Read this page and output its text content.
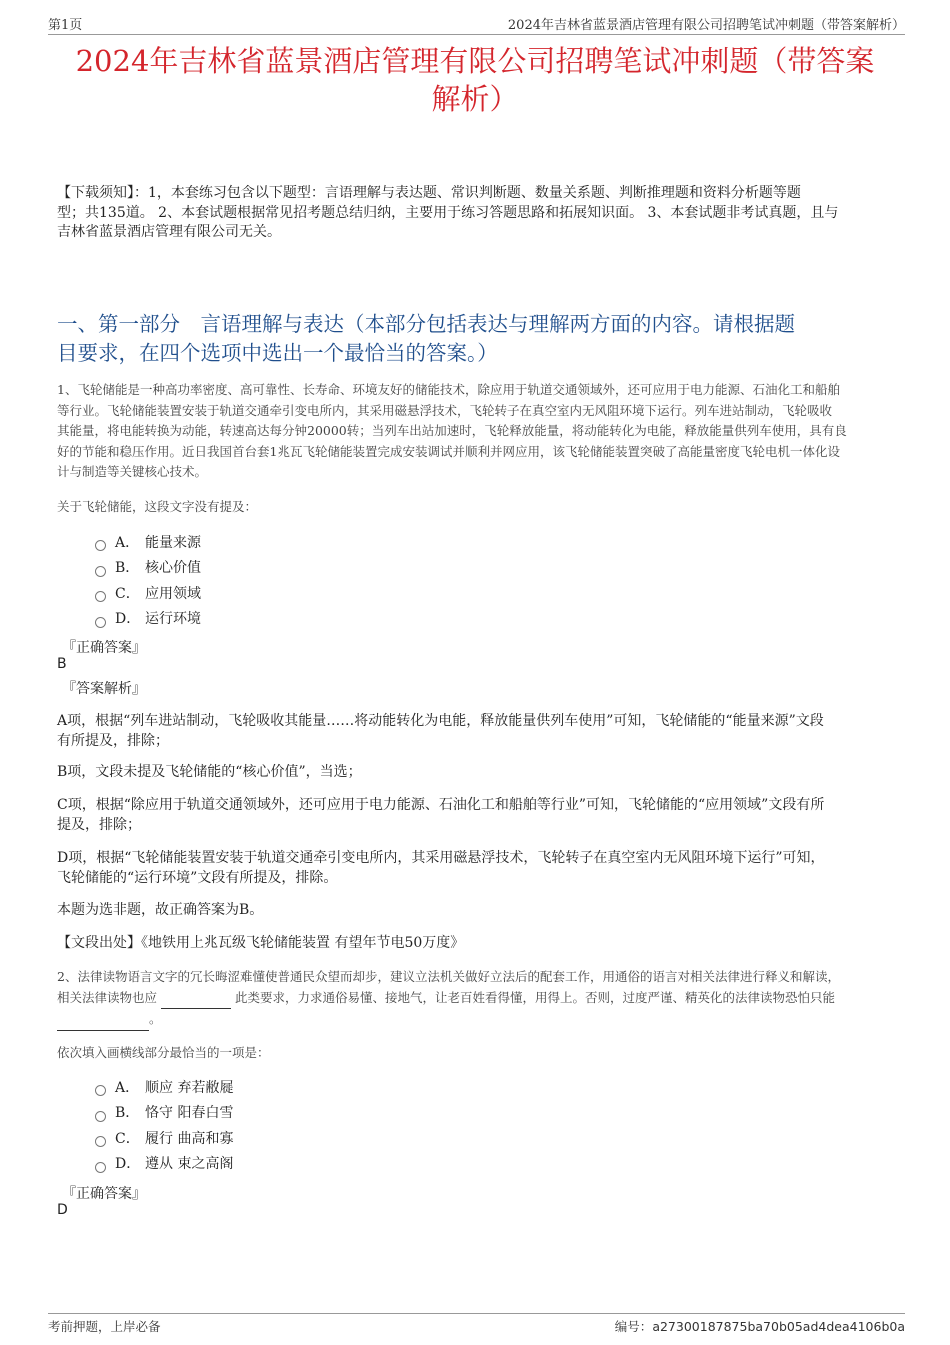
第1页	2024年吉林省蓝景酒店管理有限公司招聘笔试冲刺题（带答案解析）
2024年吉林省蓝景酒店管理有限公司招聘笔试冲刺题（带答案
解析）
【下载须知】：1，本套练习包含以下题型：言语理解与表达题、常识判断题、数量关系题、判断推理题和资料分析题等题
型；共135道。 2、本套试题根据常见招考题总结归纳，主要用于练习答题思路和拓展知识面。 3、本套试题非考试真题，且与
吉林省蓝景酒店管理有限公司无关。
一、第一部分　言语理解与表达（本部分包括表达与理解两方面的内容。请根据题
目要求，在四个选项中选出一个最恰当的答案。）
1、飞轮储能是一种高功率密度、高可靠性、长寿命、环境友好的储能技术，除应用于轨道交通领域外，还可应用于电力能源、石油化工和船舶
等行业。飞轮储能装置安装于轨道交通牵引变电所内，其采用磁悬浮技术，飞轮转子在真空室内无风阻环境下运行。列车进站制动，飞轮吸收
其能量，将电能转换为动能，转速高达每分钟20000转；当列车出站加速时，飞轮释放能量，将动能转化为电能，释放能量供列车使用，具有良
好的节能和稳压作用。近日我国首台套1兆瓦飞轮储能装置完成安装调试并顺利并网应用，该飞轮储能装置突破了高能量密度飞轮电机一体化设
计与制造等关键核心技术。
关于飞轮储能，这段文字没有提及：
A． 能量来源
B． 核心价值
C． 应用领域
D． 运行环境
『正确答案』
B
『答案解析』
A项，根据“列车进站制动，飞轮吸收其能量……将动能转化为电能，释放能量供列车使用”可知，飞轮储能的“能量来源”文段
有所提及，排除；
B项，文段未提及飞轮储能的“核心价值”，当选；
C项，根据“除应用于轨道交通领域外，还可应用于电力能源、石油化工和船舶等行业”可知，飞轮储能的“应用领域”文段有所
提及，排除；
D项，根据“飞轮储能装置安装于轨道交通牵引变电所内，其采用磁悬浮技术，飞轮转子在真空室内无风阻环境下运行”可知，
飞轮储能的“运行环境”文段有所提及，排除。
本题为选非题，故正确答案为B。
【文段出处】《地铁用上兆瓦级飞轮储能装置 有望年节电50万度》
2、法律读物语言文字的冗长晦涩难懂使普通民众望而却步，建议立法机关做好立法后的配套工作，用通俗的语言对相关法律进行释义和解读，
相关法律读物也应	此类要求，力求通俗易懂、接地气，让老百姓看得懂，用得上。否则，过度严谨、精英化的法律读物恐怕只能
。
依次填入画横线部分最恰当的一项是：
A． 顺应 弃若敝屣
B． 恪守 阳春白雪
C． 履行 曲高和寡
D． 遵从 束之高阁
『正确答案』
D
考前押题，上岸必备	编号：a27300187875ba70b05ad4dea4106b0a
